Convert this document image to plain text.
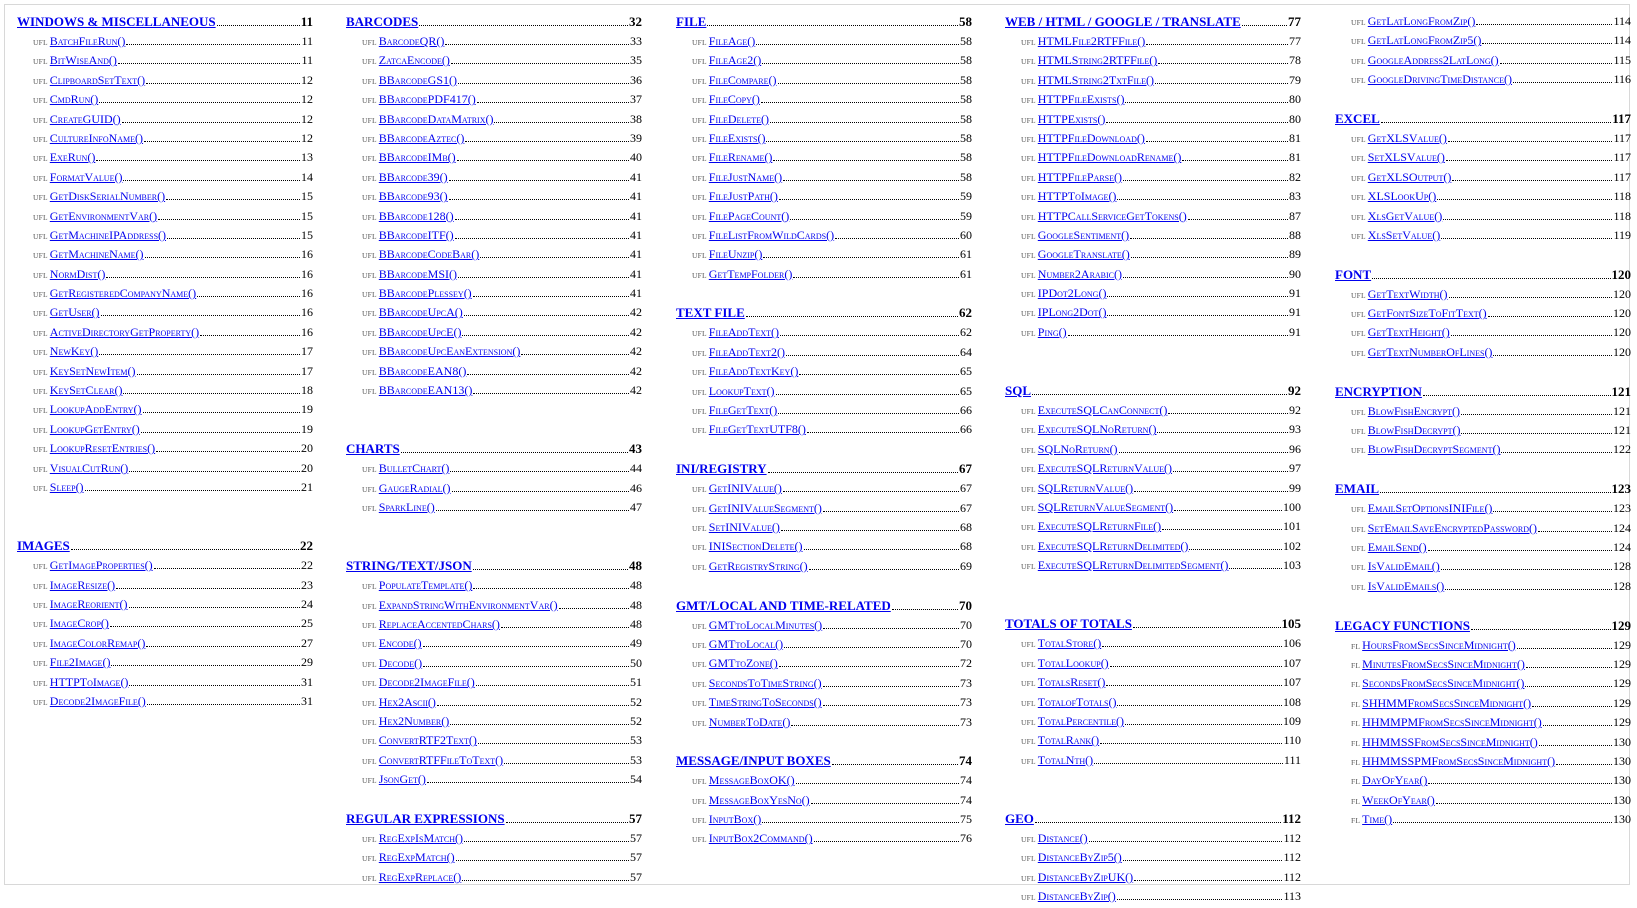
WINDOWS & MISCELLANEOUS	11
UFL BatchFileRun()	11
UFL BitWiseAnd()	11
UFL ClipboardSetText()	12
UFL CmdRun()	12
UFL CreateGUID()	12
UFL CultureInfoName()	12
UFL ExeRun()	13
UFL FormatValue()	14
UFL GetDiskSerialNumber()	15
UFL GetEnvironmentVar()	15
UFL GetMachineIPAddress()	15
UFL GetMachineName()	16
UFL NormDist()	16
UFL GetRegisteredCompanyName()	16
UFL GetUser()	16
UFL ActiveDirectoryGetProperty()	16
UFL NewKey()	17
UFL KeySetNewItem()	17
UFL KeySetClear()	18
UFL LookupAddEntry()	19
UFL LookupGetEntry()	19
UFL LookupResetEntries()	20
UFL VisualCutRun()	20
UFL Sleep()	21
IMAGES	22
UFL GetImageProperties()	22
UFL ImageResize()	23
UFL ImageReorient()	24
UFL ImageCrop()	25
UFL ImageColorRemap()	27
UFL File2Image()	29
UFL HTTPToImage()	31
UFL Decode2ImageFile()	31
BARCODES	32
UFL BarcodeQR()	33
UFL ZatcaEncode()	35
UFL BBarcodeGS1()	36
UFL BBarcodePDF417()	37
UFL BBarcodeDataMatrix()	38
UFL BBarcodeAztec()	39
UFL BBarcodeIMb()	40
UFL BBarcode39()	41
UFL BBarcode93()	41
UFL BBarcode128()	41
UFL BBarcodeITF()	41
UFL BBarcodeCodeBar()	41
UFL BBarcodeMSI()	41
UFL BBarcodePlessey()	41
UFL BBarcodeUpcA()	42
UFL BBarcodeUpcE()	42
UFL BBarcodeUpcEanExtension()	42
UFL BBarcodeEAN8()	42
UFL BBarcodeEAN13()	42
CHARTS	43
UFL BulletChart()	44
UFL GaugeRadial()	46
UFL SparkLine()	47
STRING/TEXT/JSON	48
UFL PopulateTemplate()	48
UFL ExpandStringWithEnvironmentVar()	48
UFL ReplaceAccentedChars()	48
UFL Encode()	49
UFL Decode()	50
UFL Decode2ImageFile()	51
UFL Hex2Ascii()	52
UFL Hex2Number()	52
UFL ConvertRTF2Text()	53
UFL ConvertRTFFileToText()	53
UFL JsonGet()	54
REGULAR EXPRESSIONS	57
UFL RegExpIsMatch()	57
UFL RegExpMatch()	57
UFL RegExpReplace()	57
FILE	58
UFL FileAge()	58
UFL FileAge2()	58
UFL FileCompare()	58
UFL FileCopy()	58
UFL FileDelete()	58
UFL FileExists()	58
UFL FileRename()	58
UFL FileJustName()	58
UFL FileJustPath()	59
UFL FilePageCount()	59
UFL FileListFromWildCards()	60
UFL FileUnzip()	61
UFL GetTempFolder()	61
TEXT FILE	62
UFL FileAddText()	62
UFL FileAddText2()	64
UFL FileAddTextKey()	65
UFL LookupText()	65
UFL FileGetText()	66
UFL FileGetTextUTF8()	66
INI/REGISTRY	67
UFL GetINIValue()	67
UFL GetINIValueSegment()	67
UFL SetINIValue()	68
UFL INISectionDelete()	68
UFL GetRegistryString()	69
GMT/LOCAL AND TIME-RELATED	70
UFL GMTtoLocalMinutes()	70
UFL GMTtoLocal()	70
UFL GMTtoZone()	72
UFL SecondsToTimeString()	73
UFL TimeStringToSeconds()	73
UFL NumberToDate()	73
MESSAGE/INPUT BOXES	74
UFL MessageBoxOK()	74
UFL MessageBoxYesNo()	74
UFL InputBox()	75
UFL InputBox2Command()	76
WEB / HTML / GOOGLE / TRANSLATE	77
UFL HTMLFile2RTFFile()	77
UFL HTMLString2RTFFile()	78
UFL HTMLString2TxtFile()	79
UFL HTTPFileExists()	80
UFL HTTPExists()	80
UFL HTTPFileDownload()	81
UFL HTTPFileDownloadRename()	81
UFL HTTPFileParse()	82
UFL HTTPToImage()	83
UFL HTTPCallServiceGetTokens()	87
UFL GoogleSentiment()	88
UFL GoogleTranslate()	89
UFL Number2Arabic()	90
UFL IPDot2Long()	91
UFL IPLong2Dot()	91
UFL Ping()	91
SQL	92
UFL ExecuteSQLCanConnect()	92
UFL ExecuteSQLNoReturn()	93
UFL SQLNoReturn()	96
UFL ExecuteSQLReturnValue()	97
UFL SQLReturnValue()	99
UFL SQLReturnValueSegment()	100
UFL ExecuteSQLReturnFile()	101
UFL ExecuteSQLReturnDelimited()	102
UFL ExecuteSQLReturnDelimitedSegment()	103
TOTALS OF TOTALS	105
UFL TotalStore()	106
UFL TotalLookup()	107
UFL TotalsReset()	107
UFL TotalofTotals()	108
UFL TotalPercentile()	109
UFL TotalRank()	110
UFL TotalNth()	111
GEO	112
UFL Distance()	112
UFL DistanceByZip5()	112
UFL DistanceByZipUK()	112
UFL DistanceByZip()	113
UFL GetLatLongFromZip()	114
UFL GetLatLongFromZip5()	114
UFL GoogleAddress2LatLong()	115
UFL GoogleDrivingTimeDistance()	116
EXCEL	117
UFL GetXLSValue()	117
UFL SetXLSValue()	117
UFL GetXLSOutput()	117
UFL XLSLookUp()	118
UFL XlsGetValue()	118
UFL XlsSetValue()	119
FONT	120
UFL GetTextWidth()	120
UFL GetFontSizeToFitText()	120
UFL GetTextHeight()	120
UFL GetTextNumberOfLines()	120
ENCRYPTION	121
UFL BlowFishEncrypt()	121
UFL BlowFishDecrypt()	121
UFL BlowFishDecryptSegment()	122
EMAIL	123
UFL EmailSetOptionsINIFile()	123
UFL SetEmailSaveEncryptedPassword()	124
UFL EmailSend()	124
UFL IsValidEmail()	128
UFL IsValidEmails()	128
LEGACY FUNCTIONS	129
FL HoursFromSecsSinceMidnight()	129
FL MinutesFromSecsSinceMidnight()	129
FL SecondsFromSecsSinceMidnight()	129
FL SHHMMFromSecsSinceMidnight()	129
FL HHMMPMFromSecsSinceMidnight()	129
FL HHMMSSFromSecsSinceMidnight()	130
FL HHMMSSPMFromSecsSinceMidnight()	130
FL DayOfYear()	130
FL WeekOfYear()	130
FL Time()	130
